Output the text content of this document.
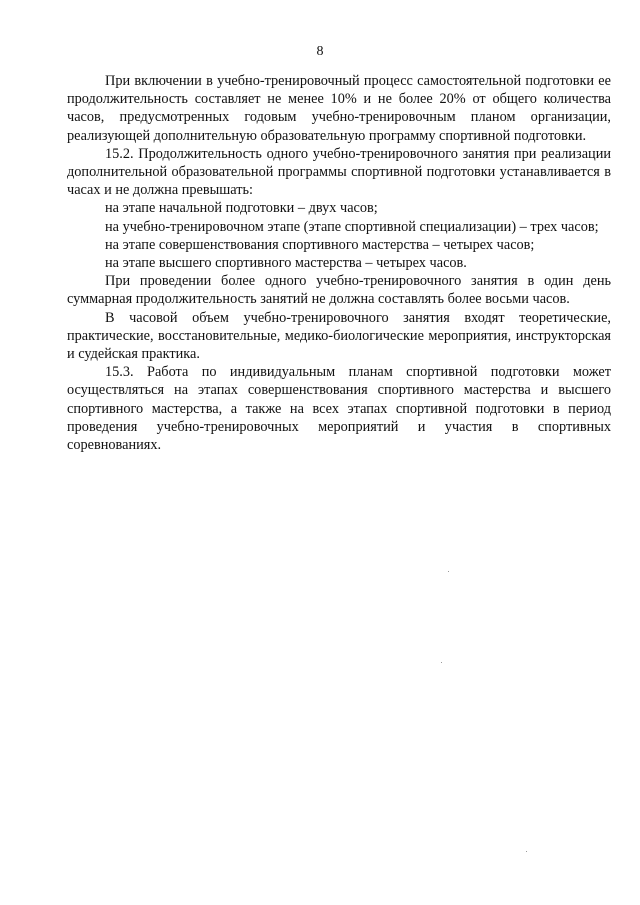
8

При включении в учебно-тренировочный процесс самостоятельной подготовки ее продолжительность составляет не менее 10% и не более 20% от общего количества часов, предусмотренных годовым учебно-тренировочным планом организации, реализующей дополнительную образовательную программу спортивной подготовки.

15.2. Продолжительность одного учебно-тренировочного занятия при реализации дополнительной образовательной программы спортивной подготовки устанавливается в часах и не должна превышать:

на этапе начальной подготовки – двух часов;

на учебно-тренировочном этапе (этапе спортивной специализации) – трех часов;

на этапе совершенствования спортивного мастерства – четырех часов;

на этапе высшего спортивного мастерства – четырех часов.

При проведении более одного учебно-тренировочного занятия в один день суммарная продолжительность занятий не должна составлять более восьми часов.

В часовой объем учебно-тренировочного занятия входят теоретические, практические, восстановительные, медико-биологические мероприятия, инструкторская и судейская практика.

15.3. Работа по индивидуальным планам спортивной подготовки может осуществляться на этапах совершенствования спортивного мастерства и высшего спортивного мастерства, а также на всех этапах спортивной подготовки в период проведения учебно-тренировочных мероприятий и участия в спортивных соревнованиях.
